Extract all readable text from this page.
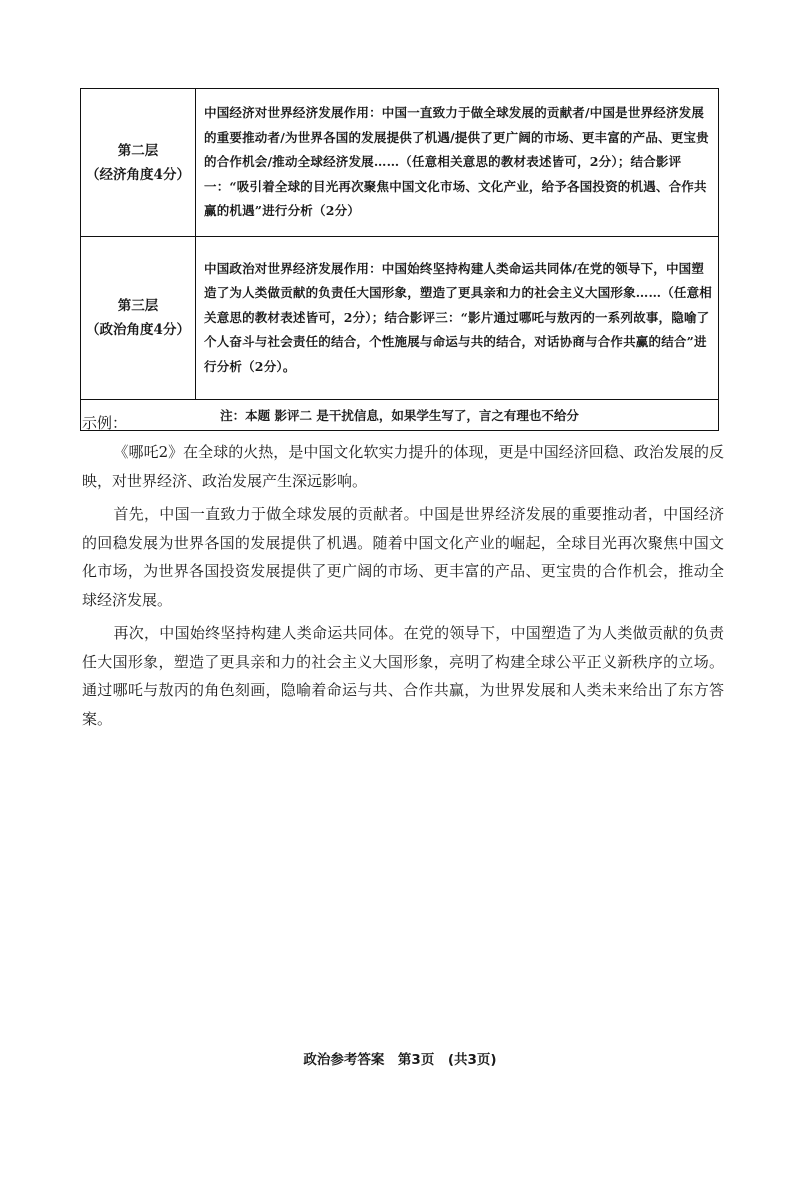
第二层
（经济角度4分）	中国经济对世界经济发展作用：中国一直致力于做全球发展的贡献者/中国是世界经济发展的重要推动者/为世界各国的发展提供了机遇/提供了更广阔的市场、更丰富的产品、更宝贵的合作机会/推动全球经济发展……（任意相关意思的教材表述皆可，2分）；结合影评一：“吸引着全球的目光再次聚焦中国文化市场、文化产业，给予各国投资的机遇、合作共赢的机遇”进行分析（2分）

第三层
（政治角度4分）	中国政治对世界经济发展作用：中国始终坚持构建人类命运共同体/在党的领导下，中国塑造了为人类做贡献的负责任大国形象，塑造了更具亲和力的社会主义大国形象……（任意相关意思的教材表述皆可，2分）；结合影评三：“影片通过哪吒与敖丙的一系列故事，隐喻了个人奋斗与社会责任的结合，个性施展与命运与共的结合，对话协商与合作共赢的结合”进行分析（2分）。
注：本题 影评二 是干扰信息，如果学生写了，言之有理也不给分	
示例：

《哪吒2》在全球的火热，是中国文化软实力提升的体现，更是中国经济回稳、政治发展的反映，对世界经济、政治发展产生深远影响。

首先，中国一直致力于做全球发展的贡献者。中国是世界经济发展的重要推动者，中国经济的回稳发展为世界各国的发展提供了机遇。随着中国文化产业的崛起，全球目光再次聚焦中国文化市场，为世界各国投资发展提供了更广阔的市场、更丰富的产品、更宝贵的合作机会，推动全球经济发展。

再次，中国始终坚持构建人类命运共同体。在党的领导下，中国塑造了为人类做贡献的负责任大国形象，塑造了更具亲和力的社会主义大国形象，亮明了构建全球公平正义新秩序的立场。通过哪吒与敖丙的角色刻画，隐喻着命运与共、合作共赢，为世界发展和人类未来给出了东方答案。

政治参考答案　第3页　(共3页)
